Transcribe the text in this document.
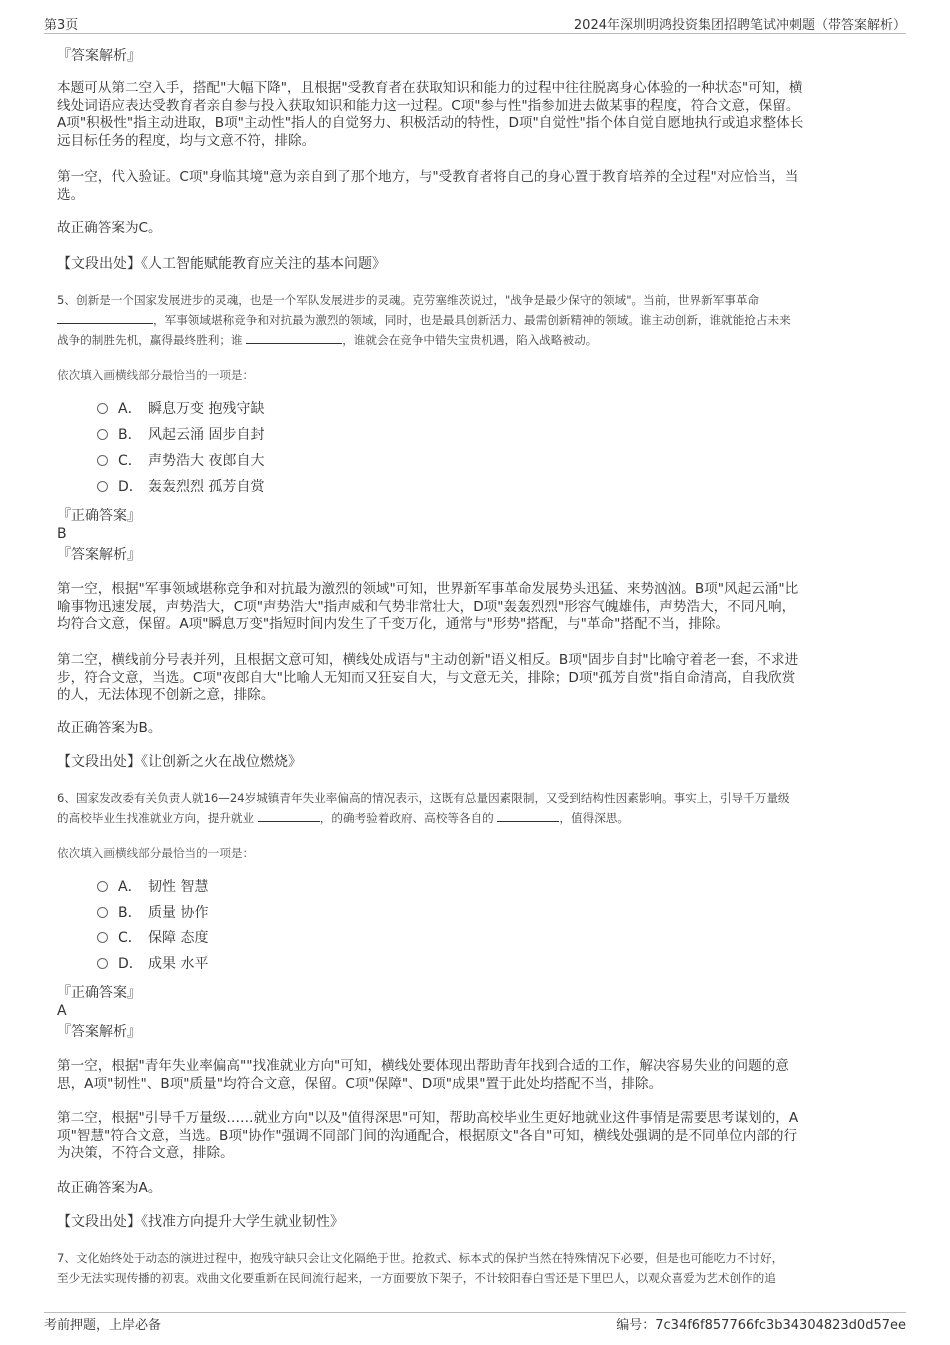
第3页	2024年深圳明鸿投资集团招聘笔试冲刺题（带答案解析）
『答案解析』
本题可从第二空入手，搭配"大幅下降"，且根据"受教育者在获取知识和能力的过程中往往脱离身心体验的一种状态"可知，横
线处词语应表达受教育者亲自参与投入获取知识和能力这一过程。C项"参与性"指参加进去做某事的程度，符合文意，保留。
A项"积极性"指主动进取，B项"主动性"指人的自觉努力、积极活动的特性，D项"自觉性"指个体自觉自愿地执行或追求整体长
远目标任务的程度，均与文意不符，排除。
第一空，代入验证。C项"身临其境"意为亲自到了那个地方，与"受教育者将自己的身心置于教育培养的全过程"对应恰当，当
选。
故正确答案为C。
【文段出处】《人工智能赋能教育应关注的基本问题》
5、创新是一个国家发展进步的灵魂，也是一个军队发展进步的灵魂。克劳塞维茨说过，"战争是最少保守的领域"。当前，世界新军事革命
，军事领域堪称竞争和对抗最为激烈的领域，同时，也是最具创新活力、最需创新精神的领域。谁主动创新，谁就能抢占未来
战争的制胜先机，赢得最终胜利；谁	，谁就会在竞争中错失宝贵机遇，陷入战略被动。
依次填入画横线部分最恰当的一项是：
A． 瞬息万变 抱残守缺
B． 风起云涌 固步自封
C． 声势浩大 夜郎自大
D． 轰轰烈烈 孤芳自赏
『正确答案』
B
『答案解析』
第一空，根据"军事领域堪称竞争和对抗最为激烈的领域"可知，世界新军事革命发展势头迅猛、来势汹汹。B项"风起云涌"比
喻事物迅速发展，声势浩大，C项"声势浩大"指声威和气势非常壮大，D项"轰轰烈烈"形容气魄雄伟，声势浩大，不同凡响，
均符合文意，保留。A项"瞬息万变"指短时间内发生了千变万化，通常与"形势"搭配，与"革命"搭配不当，排除。
第二空，横线前分号表并列，且根据文意可知，横线处成语与"主动创新"语义相反。B项"固步自封"比喻守着老一套，不求进
步，符合文意，当选。C项"夜郎自大"比喻人无知而又狂妄自大，与文意无关，排除；D项"孤芳自赏"指自命清高，自我欣赏
的人，无法体现不创新之意，排除。
故正确答案为B。
【文段出处】《让创新之火在战位燃烧》
6、国家发改委有关负责人就16—24岁城镇青年失业率偏高的情况表示，这既有总量因素限制，又受到结构性因素影响。事实上，引导千万量级
的高校毕业生找准就业方向，提升就业	，的确考验着政府、高校等各自的	，值得深思。
依次填入画横线部分最恰当的一项是：
A． 韧性 智慧
B． 质量 协作
C． 保障 态度
D． 成果 水平
『正确答案』
A
『答案解析』
第一空，根据"青年失业率偏高""找准就业方向"可知，横线处要体现出帮助青年找到合适的工作，解决容易失业的问题的意
思，A项"韧性"、B项"质量"均符合文意，保留。C项"保障"、D项"成果"置于此处均搭配不当，排除。
第二空，根据"引导千万量级……就业方向"以及"值得深思"可知，帮助高校毕业生更好地就业这件事情是需要思考谋划的，A
项"智慧"符合文意，当选。B项"协作"强调不同部门间的沟通配合，根据原文"各自"可知，横线处强调的是不同单位内部的行
为决策，不符合文意，排除。
故正确答案为A。
【文段出处】《找准方向提升大学生就业韧性》
7、文化始终处于动态的演进过程中，抱残守缺只会让文化隔绝于世。抢救式、标本式的保护当然在特殊情况下必要，但是也可能吃力不讨好，
至少无法实现传播的初衷。戏曲文化要重新在民间流行起来，一方面要放下架子，不计较阳春白雪还是下里巴人，以观众喜爱为艺术创作的追
考前押题，上岸必备	编号：7c34f6f857766fc3b34304823d0d57ee
